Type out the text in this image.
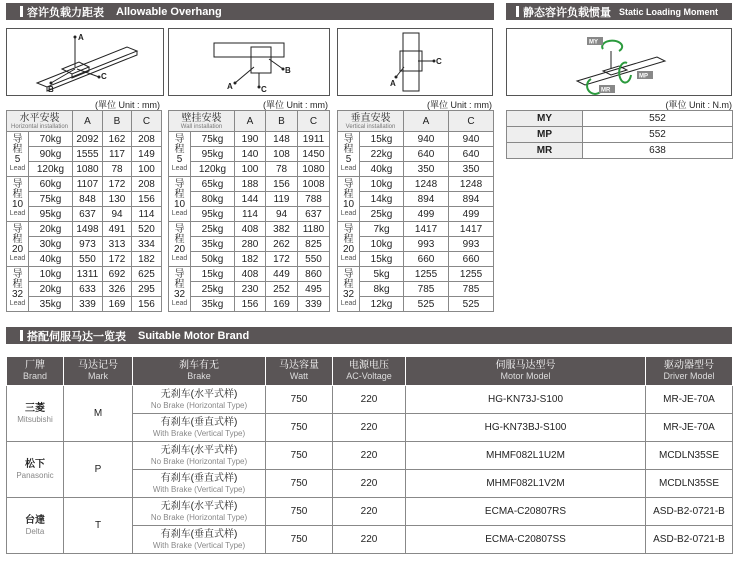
容许负载力距表 Allowable Overhang	静态容许负载惯量 Static Loading Moment
A
B
C
A
B
C
A
C
MY
MP
MR
(單位 Unit : mm)	(單位 Unit : mm)	(單位 Unit : mm)	(單位 Unit : N.m)
水平安裝
Horizontal installation		A	B	C

导程
5
Lead	70kg	2092	162	208
	90kg	1555	117	149
	120kg	1080	78	100

导程
10
Lead	60kg	1107	172	208
	75kg	848	130	156
	95kg	637	94	114

导程
20
Lead	20kg	1498	491	520
	30kg	973	313	334
	40kg	550	172	182

导程
32
Lead	10kg	1311	692	625
	20kg	633	326	295
	35kg	339	169	156
壁挂安裝
Wall installation		A	B	C

导程
5
Lead	75kg	190	148	1911
	95kg	140	108	1450
	120kg	100	78	1080

导程
10
Lead	65kg	188	156	1008
	80kg	144	119	788
	95kg	114	94	637

导程
20
Lead	25kg	408	382	1180
	35kg	280	262	825
	50kg	182	172	550

导程
32
Lead	15kg	408	449	860
	25kg	230	252	495
	35kg	156	169	339
垂直安裝
Vertical installation		A	C

导程
5
Lead	15kg	940	940
	22kg	640	640
	40kg	350	350

导程
10
Lead	10kg	1248	1248
	14kg	894	894
	25kg	499	499

导程
20
Lead	7kg	1417	1417
	10kg	993	993
	15kg	660	660

导程
32
Lead	5kg	1255	1255
	8kg	785	785
	12kg	525	525
MY	552
MP	552
MR	638
搭配伺服马达一览表 Suitable Motor Brand
厂牌
Brand	马达记号
Mark	刹车有无
Brake	马达容量
Watt	电源电压
AC-Voltage	伺服马达型号
Motor Model	驱动器型号
Driver Model

三菱
Mitsubishi	M	无刹车(水平式样)
No Brake (Horizontal Type)	750	220	HG-KN73J-S100	MR-JE-70A

		有刹车(垂直式样)
With Brake (Vertical Type)	750	220	HG-KN73BJ-S100	MR-JE-70A

松下
Panasonic	P	无刹车(水平式样)
No Brake (Horizontal Type)	750	220	MHMF082L1U2M	MCDLN35SE

		有刹车(垂直式样)
With Brake (Vertical Type)	750	220	MHMF082L1V2M	MCDLN35SE

台達
Delta	T	无刹车(水平式样)
No Brake (Horizontal Type)	750	220	ECMA-C20807RS	ASD-B2-0721-B

		有刹车(垂直式样)
With Brake (Vertical Type)	750	220	ECMA-C20807SS	ASD-B2-0721-B
